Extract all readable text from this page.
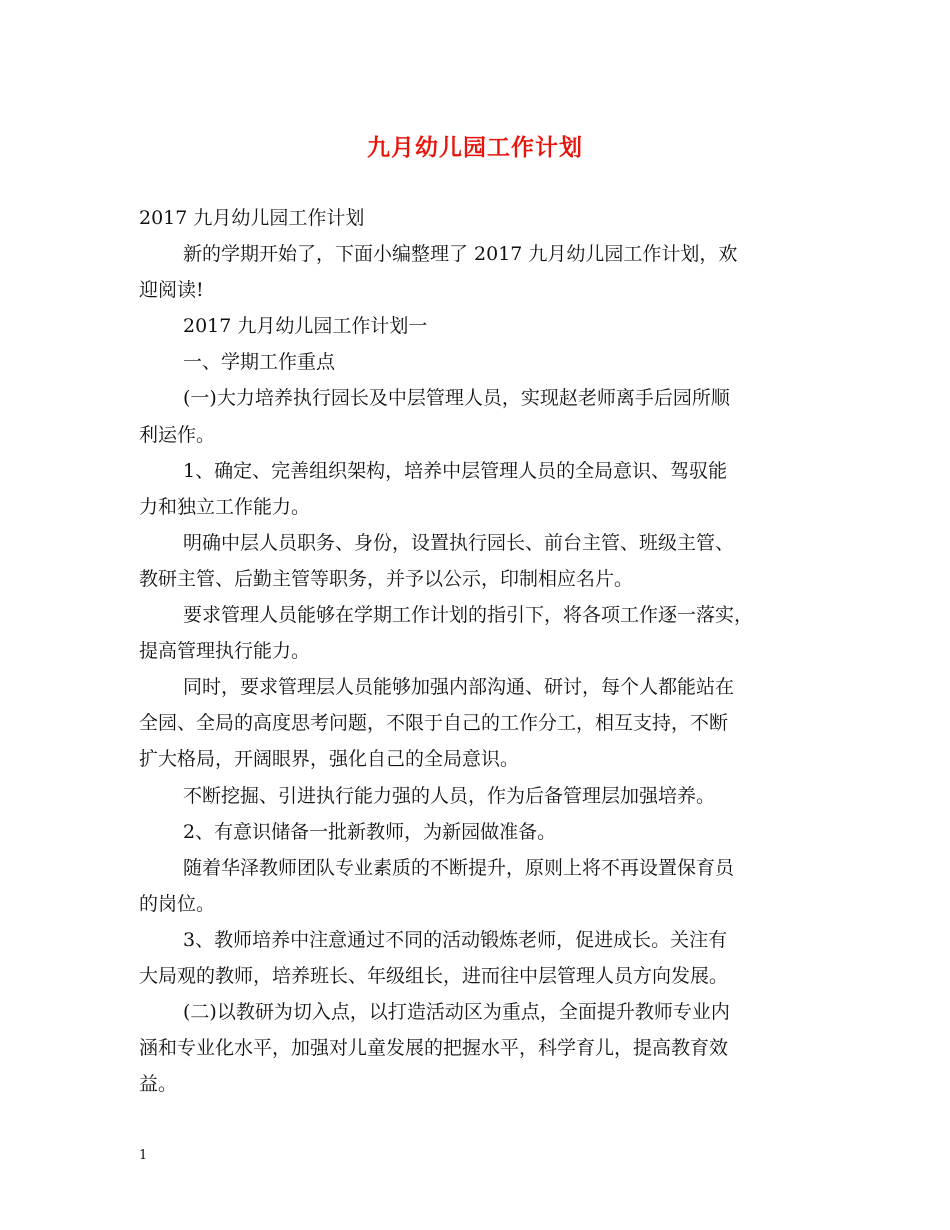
九月幼儿园工作计划

2017 九月幼儿园工作计划

新的学期开始了，下面小编整理了 2017 九月幼儿园工作计划，欢

迎阅读!

2017 九月幼儿园工作计划一

一、学期工作重点

(一)大力培养执行园长及中层管理人员，实现赵老师离手后园所顺

利运作。

1、确定、完善组织架构，培养中层管理人员的全局意识、驾驭能

力和独立工作能力。

明确中层人员职务、身份，设置执行园长、前台主管、班级主管、

教研主管、后勤主管等职务，并予以公示，印制相应名片。

要求管理人员能够在学期工作计划的指引下，将各项工作逐一落实，

提高管理执行能力。

同时，要求管理层人员能够加强内部沟通、研讨，每个人都能站在

全园、全局的高度思考问题，不限于自己的工作分工，相互支持，不断

扩大格局，开阔眼界，强化自己的全局意识。

不断挖掘、引进执行能力强的人员，作为后备管理层加强培养。

2、有意识储备一批新教师，为新园做准备。

随着华泽教师团队专业素质的不断提升，原则上将不再设置保育员

的岗位。

3、教师培养中注意通过不同的活动锻炼老师，促进成长。关注有

大局观的教师，培养班长、年级组长，进而往中层管理人员方向发展。

(二)以教研为切入点，以打造活动区为重点，全面提升教师专业内

涵和专业化水平，加强对儿童发展的把握水平，科学育儿，提高教育效

益。

1
